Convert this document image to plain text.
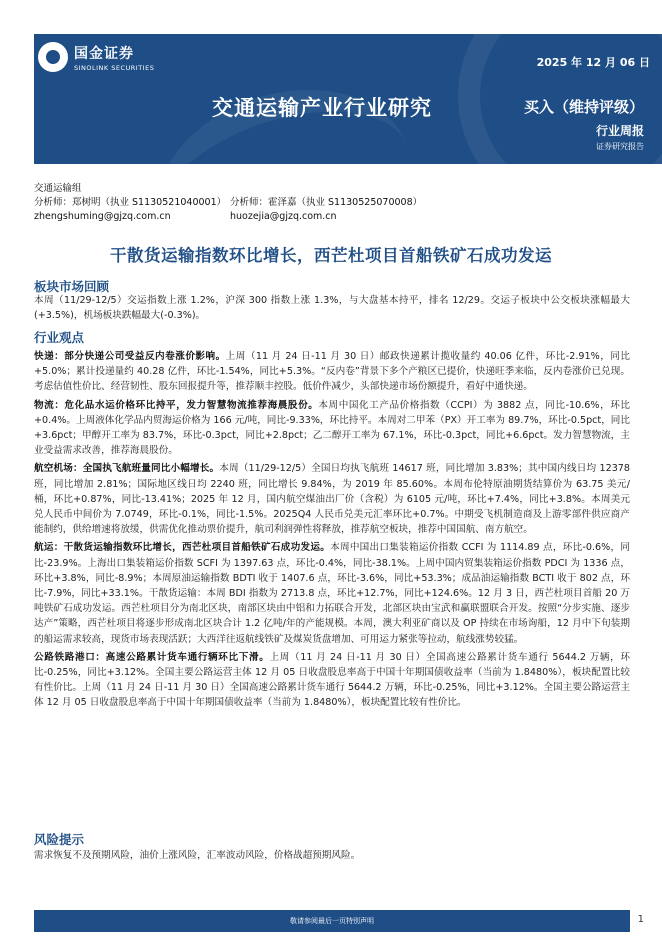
国金证券
SINOLINK SECURITIES	2025 年 12 月 06 日
交通运输产业行业研究	买入（维持评级）
行业周报
证券研究报告
交通运输组
分析师：郑树明（执业 S1130521040001） 分析师：霍泽嘉（执业 S1130525070008）
zhengshuming@gjzq.com.cn	huozejia@gjzq.com.cn
干散货运输指数环比增长，西芒杜项目首船铁矿石成功发运
板块市场回顾
本周（11/29-12/5）交运指数上涨 1.2%，沪深 300 指数上涨 1.3%，与大盘基本持平，排名 12/29。交运子板块中公交板块涨幅最大(+3.5%)，机场板块跌幅最大(-0.3%)。
行业观点

快递：部分快递公司受益反内卷涨价影响。上周（11 月 24 日-11 月 30 日）邮政快递累计揽收量约 40.06 亿件，环比-2.91%，同比+5.0%；累计投递量约 40.28 亿件，环比-1.54%，同比+5.3%。“反内卷”背景下多个产粮区已提价，快递旺季来临，反内卷涨价已兑现。考虑估值性价比、经营韧性、股东回报提升等，推荐顺丰控股。低价件减少，头部快递市场份额提升，看好中通快递。

物流：危化品水运价格环比持平，发力智慧物流推荐海晨股份。本周中国化工产品价格指数（CCPI）为 3882 点，同比-10.6%，环比+0.4%。上周液体化学品内贸海运价格为 166 元/吨，同比-9.33%，环比持平。本周对二甲苯（PX）开工率为 89.7%，环比-0.5pct，同比+3.6pct；甲醇开工率为 83.7%，环比-0.3pct，同比+2.8pct；乙二醇开工率为 67.1%，环比-0.3pct，同比+6.6pct。发力智慧物流，主业受益需求改善，推荐海晨股份。

航空机场：全国执飞航班量同比小幅增长。本周（11/29-12/5）全国日均执飞航班 14617 班，同比增加 3.83%；其中国内线日均 12378 班，同比增加 2.81%；国际地区线日均 2240 班，同比增长 9.84%，为 2019 年 85.60%。本周布伦特原油期货结算价为 63.75 美元/桶，环比+0.87%，同比-13.41%；2025 年 12 月，国内航空煤油出厂价（含税）为 6105 元/吨，环比+7.4%，同比+3.8%。本周美元兑人民币中间价为 7.0749，环比-0.1%，同比-1.5%。2025Q4 人民币兑美元汇率环比+0.7%。中期受飞机制造商及上游零部件供应商产能制约，供给增速将放缓，供需优化推动票价提升，航司利润弹性将释放，推荐航空板块，推荐中国国航、南方航空。

航运：干散货运输指数环比增长，西芒杜项目首船铁矿石成功发运。本周中国出口集装箱运价指数 CCFI 为 1114.89 点，环比-0.6%，同比-23.9%。上海出口集装箱运价指数 SCFI 为 1397.63 点，环比-0.4%，同比-38.1%。上周中国内贸集装箱运价指数 PDCI 为 1336 点，环比+3.8%，同比-8.9%；本周原油运输指数 BDTI 收于 1407.6 点，环比-3.6%，同比+53.3%；成品油运输指数 BCTI 收于 802 点，环比-7.9%，同比+33.1%。干散货运输：本周 BDI 指数为 2713.8 点，环比+12.7%，同比+124.6%。12 月 3 日，西芒杜项目首船 20 万吨铁矿石成功发运。西芒杜项目分为南北区块，南部区块由中铝和力拓联合开发，北部区块由宝武和赢联盟联合开发。按照“分步实施、逐步达产”策略，西芒杜项目将逐步形成南北区块合计 1.2 亿吨/年的产能规模。本周，澳大利亚矿商以及 OP 持续在市场询船，12 月中下旬装期的船运需求较高，现货市场表现活跃；大西洋往返航线铁矿及煤炭货盘增加、可用运力紧张等拉动，航线涨势较猛。

公路铁路港口：高速公路累计货车通行辆环比下滑。上周（11 月 24 日-11 月 30 日）全国高速公路累计货车通行 5644.2 万辆，环比-0.25%，同比+3.12%。全国主要公路运营主体 12 月 05 日收盘股息率高于中国十年期国债收益率（当前为 1.8480%），板块配置比较有性价比。上周（11 月 24 日-11 月 30 日）全国高速公路累计货车通行 5644.2 万辆，环比-0.25%，同比+3.12%。全国主要公路运营主体 12 月 05 日收盘股息率高于中国十年期国债收益率（当前为 1.8480%），板块配置比较有性价比。

风险提示
需求恢复不及预期风险，油价上涨风险，汇率波动风险，价格战超预期风险。
敬请参阅最后一页特别声明	1
